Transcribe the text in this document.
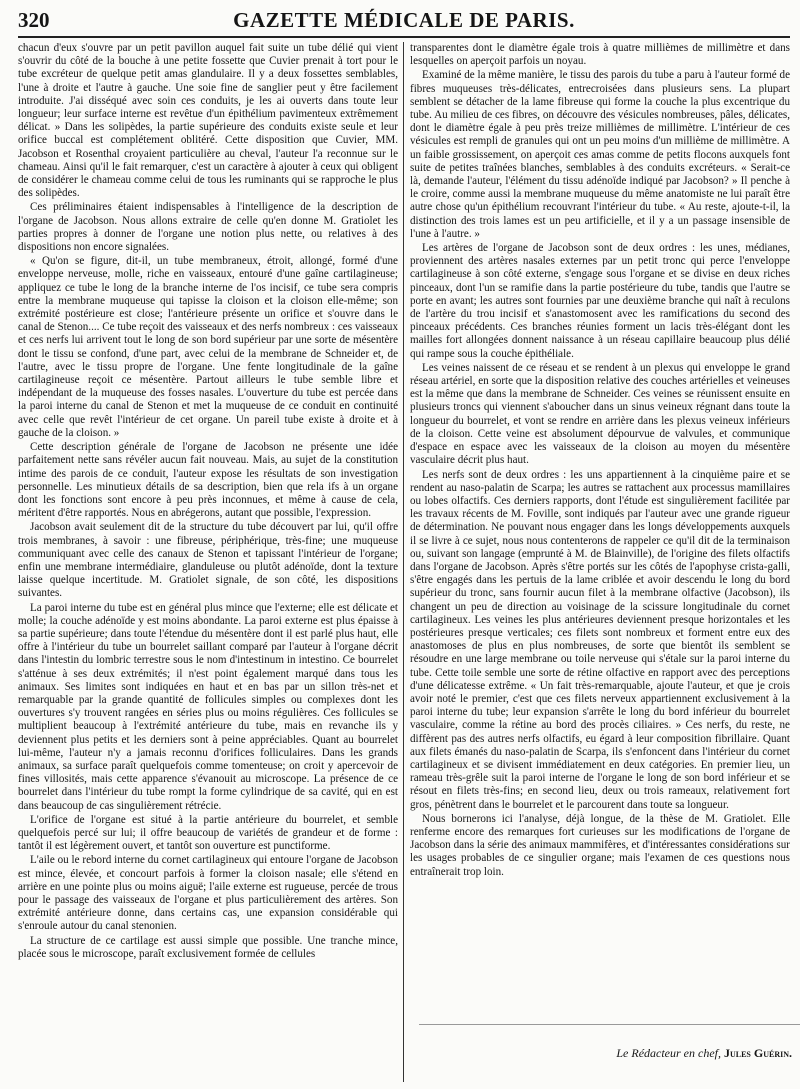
320	GAZETTE MÉDICALE DE PARIS.

chacun d'eux s'ouvre par un petit pavillon auquel fait suite un tube délié qui vient s'ouvrir du côté de la bouche à une petite fossette que Cuvier prenait à tort pour le tube excréteur de quelque petit amas glandulaire. Il y a deux fossettes semblables, l'une à droite et l'autre à gauche. Une soie fine de sanglier peut y être facilement introduite. J'ai disséqué avec soin ces conduits, je les ai ouverts dans toute leur longueur; leur surface interne est revêtue d'un épithélium pavimenteux extrêmement délicat. » Dans les solipèdes, la partie supérieure des conduits existe seule et leur orifice buccal est complétement oblitéré. Cette disposition que Cuvier, MM. Jacobson et Rosenthal croyaient particulière au cheval, l'auteur l'a reconnue sur le chameau. Ainsi qu'il le fait remarquer, c'est un caractère à ajouter à ceux qui obligent de considérer le chameau comme celui de tous les ruminants qui se rapproche le plus des solipèdes.

Ces préliminaires étaient indispensables à l'intelligence de la description de l'organe de Jacobson. Nous allons extraire de celle qu'en donne M. Gratiolet les parties propres à donner de l'organe une notion plus nette, ou relatives à des dispositions non encore signalées.

« Qu'on se figure, dit-il, un tube membraneux, étroit, allongé, formé d'une enveloppe nerveuse, molle, riche en vaisseaux, entouré d'une gaîne cartilagineuse; appliquez ce tube le long de la branche interne de l'os incisif, ce tube sera compris entre la membrane muqueuse qui tapisse la cloison et la cloison elle-même; son extrémité postérieure est close; l'antérieure présente un orifice et s'ouvre dans le canal de Stenon.... Ce tube reçoit des vaisseaux et des nerfs nombreux : ces vaisseaux et ces nerfs lui arrivent tout le long de son bord supérieur par une sorte de mésentère dont le tissu se confond, d'une part, avec celui de la membrane de Schneider et, de l'autre, avec le tissu propre de l'organe. Une fente longitudinale de la gaîne cartilagineuse reçoit ce mésentère. Partout ailleurs le tube semble libre et indépendant de la muqueuse des fosses nasales. L'ouverture du tube est percée dans la paroi interne du canal de Stenon et met la muqueuse de ce conduit en continuité avec celle que revêt l'intérieur de cet organe. Un pareil tube existe à droite et à gauche de la cloison. »

Cette description générale de l'organe de Jacobson ne présente une idée parfaitement nette sans révéler aucun fait nouveau. Mais, au sujet de la constitution intime des parois de ce conduit, l'auteur expose les résultats de son investigation personnelle. Les minutieux détails de sa description, bien que rela ifs à un organe dont les fonctions sont encore à peu près inconnues, et même à cause de cela, méritent d'être rapportés. Nous en abrégerons, autant que possible, l'expression.

Jacobson avait seulement dit de la structure du tube découvert par lui, qu'il offre trois membranes, à savoir : une fibreuse, périphérique, très-fine; une muqueuse communiquant avec celle des canaux de Stenon et tapissant l'intérieur de l'organe; enfin une membrane intermédiaire, glanduleuse ou plutôt adénoïde, dont la texture laisse quelque incertitude. M. Gratiolet signale, de son côté, les dispositions suivantes.

La paroi interne du tube est en général plus mince que l'externe; elle est délicate et molle; la couche adénoïde y est moins abondante. La paroi externe est plus épaisse à sa partie supérieure; dans toute l'étendue du mésentère dont il est parlé plus haut, elle offre à l'intérieur du tube un bourrelet saillant comparé par l'auteur à l'organe décrit dans l'intestin du lombric terrestre sous le nom d'intestinum in intestino. Ce bourrelet s'atténue à ses deux extrémités; il n'est point également marqué dans tous les animaux. Ses limites sont indiquées en haut et en bas par un sillon très-net et remarquable par la grande quantité de follicules simples ou complexes dont les ouvertures s'y trouvent rangées en séries plus ou moins régulières. Ces follicules se multiplient beaucoup à l'extrémité antérieure du tube, mais en revanche ils y deviennent plus petits et les derniers sont à peine appréciables. Quant au bourrelet lui-même, l'auteur n'y a jamais reconnu d'orifices folliculaires. Dans les grands animaux, sa surface paraît quelquefois comme tomenteuse; on croit y apercevoir de fines villosités, mais cette apparence s'évanouit au microscope. La présence de ce bourrelet dans l'intérieur du tube rompt la forme cylindrique de sa cavité, qui en est dans beaucoup de cas singulièrement rétrécie.

L'orifice de l'organe est situé à la partie antérieure du bourrelet, et semble quelquefois percé sur lui; il offre beaucoup de variétés de grandeur et de forme : tantôt il est légèrement ouvert, et tantôt son ouverture est punctiforme.

L'aile ou le rebord interne du cornet cartilagineux qui entoure l'organe de Jacobson est mince, élevée, et concourt parfois à former la cloison nasale; elle s'étend en arrière en une pointe plus ou moins aiguë; l'aile externe est rugueuse, percée de trous pour le passage des vaisseaux de l'organe et plus particulièrement des artères. Son extrémité antérieure donne, dans certains cas, une expansion considérable qui s'enroule autour du canal stenonien.

La structure de ce cartilage est aussi simple que possible. Une tranche mince, placée sous le microscope, paraît exclusivement formée de cellules

transparentes dont le diamètre égale trois à quatre millièmes de millimètre et dans lesquelles on aperçoit parfois un noyau.

Examiné de la même manière, le tissu des parois du tube a paru à l'auteur formé de fibres muqueuses très-délicates, entrecroisées dans plusieurs sens. La plupart semblent se détacher de la lame fibreuse qui forme la couche la plus excentrique du tube. Au milieu de ces fibres, on découvre des vésicules nombreuses, pâles, délicates, dont le diamètre égale à peu près treize millièmes de millimètre. L'intérieur de ces vésicules est rempli de granules qui ont un peu moins d'un millième de millimètre. A un faible grossissement, on aperçoit ces amas comme de petits flocons auxquels font suite de petites traînées blanches, semblables à des conduits excréteurs. « Serait-ce là, demande l'auteur, l'élément du tissu adénoïde indiqué par Jacobson? » Il penche à le croire, comme aussi la membrane muqueuse du même anatomiste ne lui paraît être autre chose qu'un épithélium recouvrant l'intérieur du tube. « Au reste, ajoute-t-il, la distinction des trois lames est un peu artificielle, et il y a un passage insensible de l'une à l'autre. »

Les artères de l'organe de Jacobson sont de deux ordres : les unes, médianes, proviennent des artères nasales externes par un petit tronc qui perce l'enveloppe cartilagineuse à son côté externe, s'engage sous l'organe et se divise en deux riches pinceaux, dont l'un se ramifie dans la partie postérieure du tube, tandis que l'autre se porte en avant; les autres sont fournies par une deuxième branche qui naît à reculons de l'artère du trou incisif et s'anastomosent avec les ramifications du second des pinceaux précédents. Ces branches réunies forment un lacis très-élégant dont les mailles fort allongées donnent naissance à un réseau capillaire beaucoup plus délié qui rampe sous la couche épithéliale.

Les veines naissent de ce réseau et se rendent à un plexus qui enveloppe le grand réseau artériel, en sorte que la disposition relative des couches artérielles et veineuses est la même que dans la membrane de Schneider. Ces veines se réunissent ensuite en plusieurs troncs qui viennent s'aboucher dans un sinus veineux régnant dans toute la longueur du bourrelet, et vont se rendre en arrière dans les plexus veineux inférieurs de la cloison. Cette veine est absolument dépourvue de valvules, et communique d'espace en espace avec les vaisseaux de la cloison au moyen du mésentère vasculaire décrit plus haut.

Les nerfs sont de deux ordres : les uns appartiennent à la cinquième paire et se rendent au naso-palatin de Scarpa; les autres se rattachent aux processus mamillaires ou lobes olfactifs. Ces derniers rapports, dont l'étude est singulièrement facilitée par les travaux récents de M. Foville, sont indiqués par l'auteur avec une grande rigueur de détermination. Ne pouvant nous engager dans les longs développements auxquels il se livre à ce sujet, nous nous contenterons de rappeler ce qu'il dit de la terminaison ou, suivant son langage (emprunté à M. de Blainville), de l'origine des filets olfactifs dans l'organe de Jacobson. Après s'être portés sur les côtés de l'apophyse crista-galli, s'être engagés dans les pertuis de la lame criblée et avoir descendu le long du bord supérieur du tronc, sans fournir aucun filet à la membrane olfactive (Jacobson), ils changent un peu de direction au voisinage de la scissure longitudinale du cornet cartilagineux. Les veines les plus antérieures deviennent presque horizontales et les postérieures presque verticales; ces filets sont nombreux et forment entre eux des anastomoses de plus en plus nombreuses, de sorte que bientôt ils semblent se résoudre en une large membrane ou toile nerveuse qui s'étale sur la paroi interne du tube. Cette toile semble une sorte de rétine olfactive en rapport avec des perceptions d'une délicatesse extrême. « Un fait très-remarquable, ajoute l'auteur, et que je crois avoir noté le premier, c'est que ces filets nerveux appartiennent exclusivement à la paroi interne du tube; leur expansion s'arrête le long du bord inférieur du bourrelet vasculaire, comme la rétine au bord des procès ciliaires. » Ces nerfs, du reste, ne diffèrent pas des autres nerfs olfactifs, eu égard à leur composition fibrillaire. Quant aux filets émanés du naso-palatin de Scarpa, ils s'enfoncent dans l'intérieur du cornet cartilagineux et se divisent immédiatement en deux catégories. En premier lieu, un rameau très-grêle suit la paroi interne de l'organe le long de son bord inférieur et se résout en filets très-fins; en second lieu, deux ou trois rameaux, relativement fort gros, pénètrent dans le bourrelet et le parcourent dans toute sa longueur.

Nous bornerons ici l'analyse, déjà longue, de la thèse de M. Gratiolet. Elle renferme encore des remarques fort curieuses sur les modifications de l'organe de Jacobson dans la série des animaux mammifères, et d'intéressantes considérations sur les usages probables de ce singulier organe; mais l'examen de ces questions nous entraînerait trop loin.

Le Rédacteur en chef, Jules Guérin.
